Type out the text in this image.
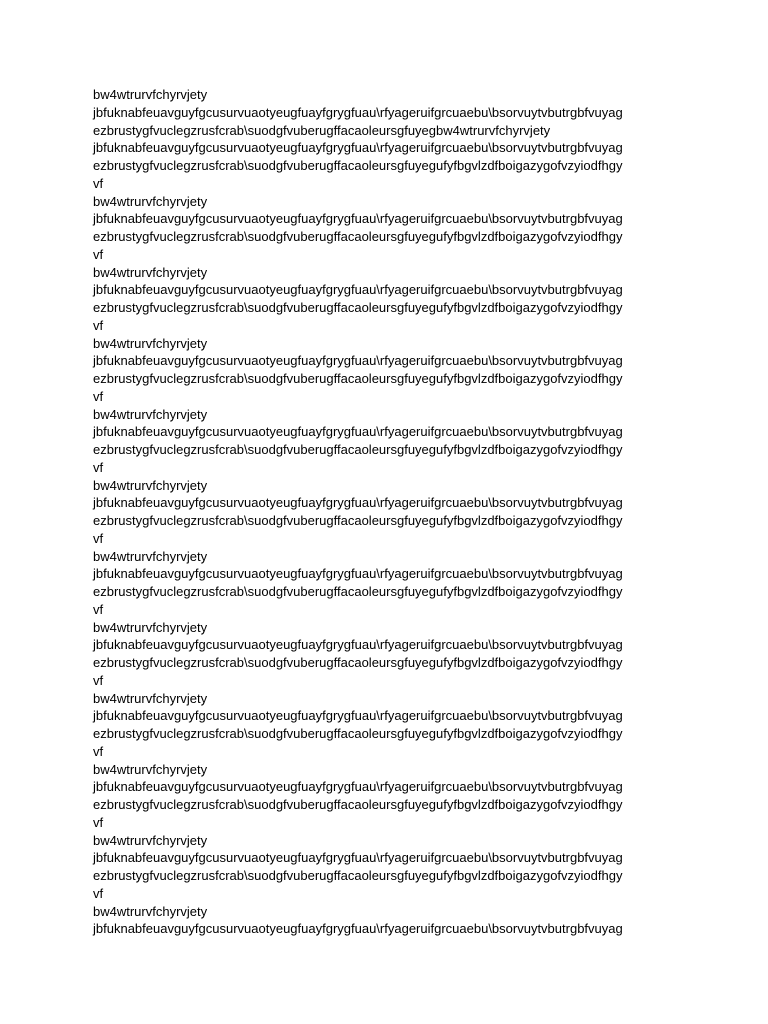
bw4wtrurvfchyrvjety
jbfuknabfeuavguyfgcusurvuaotyeugfuayfgrygfuau\rfyageruifgrcuaebu\bsorvuytvbutrgbfvuyag
ezbrustygfvuclegzrusfcrab\suodgfvuberugffacaoleursgfuyegbw4wtrurvfchyrvjety
jbfuknabfeuavguyfgcusurvuaotyeugfuayfgrygfuau\rfyageruifgrcuaebu\bsorvuytvbutrgbfvuyag
ezbrustygfvuclegzrusfcrab\suodgfvuberugffacaoleursgfuyegufyfbgvlzdfboigazygofvzyiodfhgy
vf
bw4wtrurvfchyrvjety
jbfuknabfeuavguyfgcusurvuaotyeugfuayfgrygfuau\rfyageruifgrcuaebu\bsorvuytvbutrgbfvuyag
ezbrustygfvuclegzrusfcrab\suodgfvuberugffacaoleursgfuyegufyfbgvlzdfboigazygofvzyiodfhgy
vf
bw4wtrurvfchyrvjety
jbfuknabfeuavguyfgcusurvuaotyeugfuayfgrygfuau\rfyageruifgrcuaebu\bsorvuytvbutrgbfvuyag
ezbrustygfvuclegzrusfcrab\suodgfvuberugffacaoleursgfuyegufyfbgvlzdfboigazygofvzyiodfhgy
vf
bw4wtrurvfchyrvjety
jbfuknabfeuavguyfgcusurvuaotyeugfuayfgrygfuau\rfyageruifgrcuaebu\bsorvuytvbutrgbfvuyag
ezbrustygfvuclegzrusfcrab\suodgfvuberugffacaoleursgfuyegufyfbgvlzdfboigazygofvzyiodfhgy
vf
bw4wtrurvfchyrvjety
jbfuknabfeuavguyfgcusurvuaotyeugfuayfgrygfuau\rfyageruifgrcuaebu\bsorvuytvbutrgbfvuyag
ezbrustygfvuclegzrusfcrab\suodgfvuberugffacaoleursgfuyegufyfbgvlzdfboigazygofvzyiodfhgy
vf
bw4wtrurvfchyrvjety
jbfuknabfeuavguyfgcusurvuaotyeugfuayfgrygfuau\rfyageruifgrcuaebu\bsorvuytvbutrgbfvuyag
ezbrustygfvuclegzrusfcrab\suodgfvuberugffacaoleursgfuyegufyfbgvlzdfboigazygofvzyiodfhgy
vf
bw4wtrurvfchyrvjety
jbfuknabfeuavguyfgcusurvuaotyeugfuayfgrygfuau\rfyageruifgrcuaebu\bsorvuytvbutrgbfvuyag
ezbrustygfvuclegzrusfcrab\suodgfvuberugffacaoleursgfuyegufyfbgvlzdfboigazygofvzyiodfhgy
vf
bw4wtrurvfchyrvjety
jbfuknabfeuavguyfgcusurvuaotyeugfuayfgrygfuau\rfyageruifgrcuaebu\bsorvuytvbutrgbfvuyag
ezbrustygfvuclegzrusfcrab\suodgfvuberugffacaoleursgfuyegufyfbgvlzdfboigazygofvzyiodfhgy
vf
bw4wtrurvfchyrvjety
jbfuknabfeuavguyfgcusurvuaotyeugfuayfgrygfuau\rfyageruifgrcuaebu\bsorvuytvbutrgbfvuyag
ezbrustygfvuclegzrusfcrab\suodgfvuberugffacaoleursgfuyegufyfbgvlzdfboigazygofvzyiodfhgy
vf
bw4wtrurvfchyrvjety
jbfuknabfeuavguyfgcusurvuaotyeugfuayfgrygfuau\rfyageruifgrcuaebu\bsorvuytvbutrgbfvuyag
ezbrustygfvuclegzrusfcrab\suodgfvuberugffacaoleursgfuyegufyfbgvlzdfboigazygofvzyiodfhgy
vf
bw4wtrurvfchyrvjety
jbfuknabfeuavguyfgcusurvuaotyeugfuayfgrygfuau\rfyageruifgrcuaebu\bsorvuytvbutrgbfvuyag
ezbrustygfvuclegzrusfcrab\suodgfvuberugffacaoleursgfuyegufyfbgvlzdfboigazygofvzyiodfhgy
vf
bw4wtrurvfchyrvjety
jbfuknabfeuavguyfgcusurvuaotyeugfuayfgrygfuau\rfyageruifgrcuaebu\bsorvuytvbutrgbfvuyag
